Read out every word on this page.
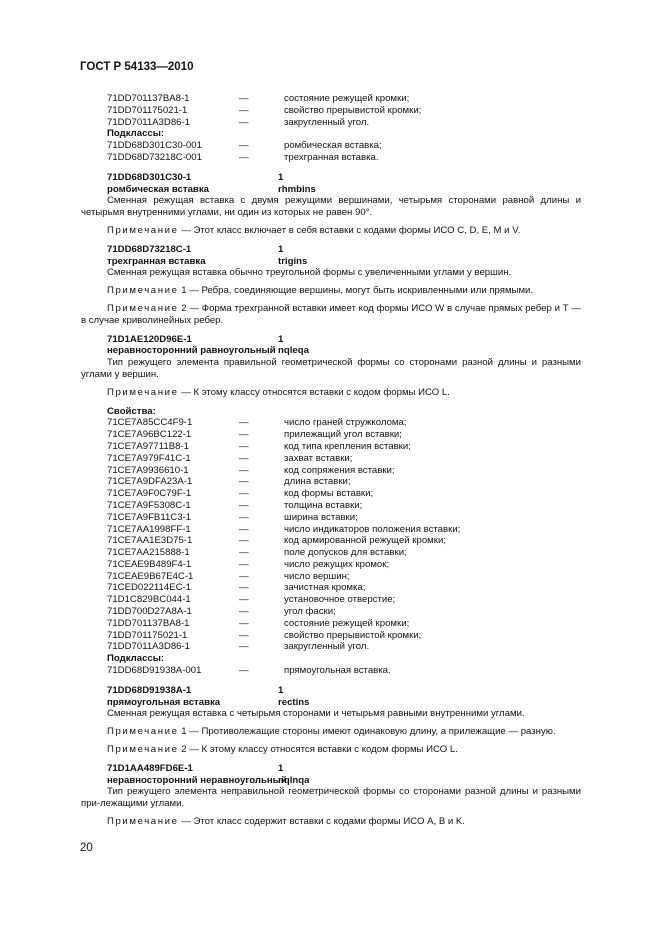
ГОСТ Р 54133—2010
71DD701137BA8-1	—	состояние режущей кромки;
71DD701175021-1	—	свойство прерывистой кромки;
71DD7011A3D86-1	—	закругленный угол.
Подклассы:
71DD68D301C30-001	—	ромбическая вставка;
71DD68D73218C-001	—	трехгранная вставка.
71DD68D301C30-1	1
ромбическая вставка	rhmbins
Сменная режущая вставка с двумя режущими вершинами, четырьмя сторонами равной длины и четырьмя внутренними углами, ни один из которых не равен 90°.
Примечание — Этот класс включает в себя вставки с кодами формы ИСО C, D, E, M и V.
71DD68D73218C-1	1
трехгранная вставка	trigins
Сменная режущая вставка обычно треугольной формы с увеличенными углами у вершин.
Примечание 1 — Ребра, соединяющие вершины, могут быть искривленными или прямыми.
Примечание 2 — Форма трехгранной вставки имеет код формы ИСО W в случае прямых ребер и Т — в случае криволинейных ребер.
71D1AE120D96E-1	1
неравносторонний равноугольный nqleqa
Тип режущего элемента правильной геометрической формы со сторонами разной длины и разными углами у вершин.
Примечание — К этому классу относятся вставки с кодом формы ИСО L.
Свойства:
71CE7A85CC4F9-1	—	число граней стружколома;
71CE7A96BC122-1	—	прилежащий угол вставки;
71CE7A97711B8-1	—	код типа крепления вставки;
71CE7A979F41C-1	—	захват вставки;
71CE7A9936610-1	—	код сопряжения вставки;
71CE7A9DFA23A-1	—	длина вставки;
71CE7A9F0C79F-1	—	код формы вставки;
71CE7A9F5308C-1	—	толщина вставки;
71CE7A9FB11C3-1	—	ширина вставки;
71CE7AA1998FF-1	—	число индикаторов положения вставки;
71CE7AA1E3D75-1	—	код армированной режущей кромки;
71CE7AA215888-1	—	поле допусков для вставки;
71CEAE9B489F4-1	—	число режущих кромок;
71CEAE9B67E4C-1	—	число вершин;
71CED022114EC-1	—	зачистная кромка;
71D1C829BC044-1	—	установочное отверстие;
71DD700D27A8A-1	—	угол фаски;
71DD701137BA8-1	—	состояние режущей кромки;
71DD701175021-1	—	свойство прерывистой кромки;
71DD7011A3D86-1	—	закругленный угол.
Подклассы:
71DD68D91938A-001	—	прямоугольная вставка.
71DD68D91938A-1	1
прямоугольная вставка	rectins
Сменная режущая вставка с четырьмя сторонами и четырьмя равными внутренними углами.
Примечание 1 — Противолежащие стороны имеют одинаковую длину, а прилежащие — разную.
Примечание 2 — К этому классу относятся вставки с кодом формы ИСО L.
71D1AA489FD6E-1	1
неравносторонний неравноугольный
nqlnqa
Тип режущего элемента неправильной геометрической формы со сторонами разной длины и разными при-лежащими углами.
Примечание — Этот класс содержит вставки с кодами формы ИСО A, B и K.
20
